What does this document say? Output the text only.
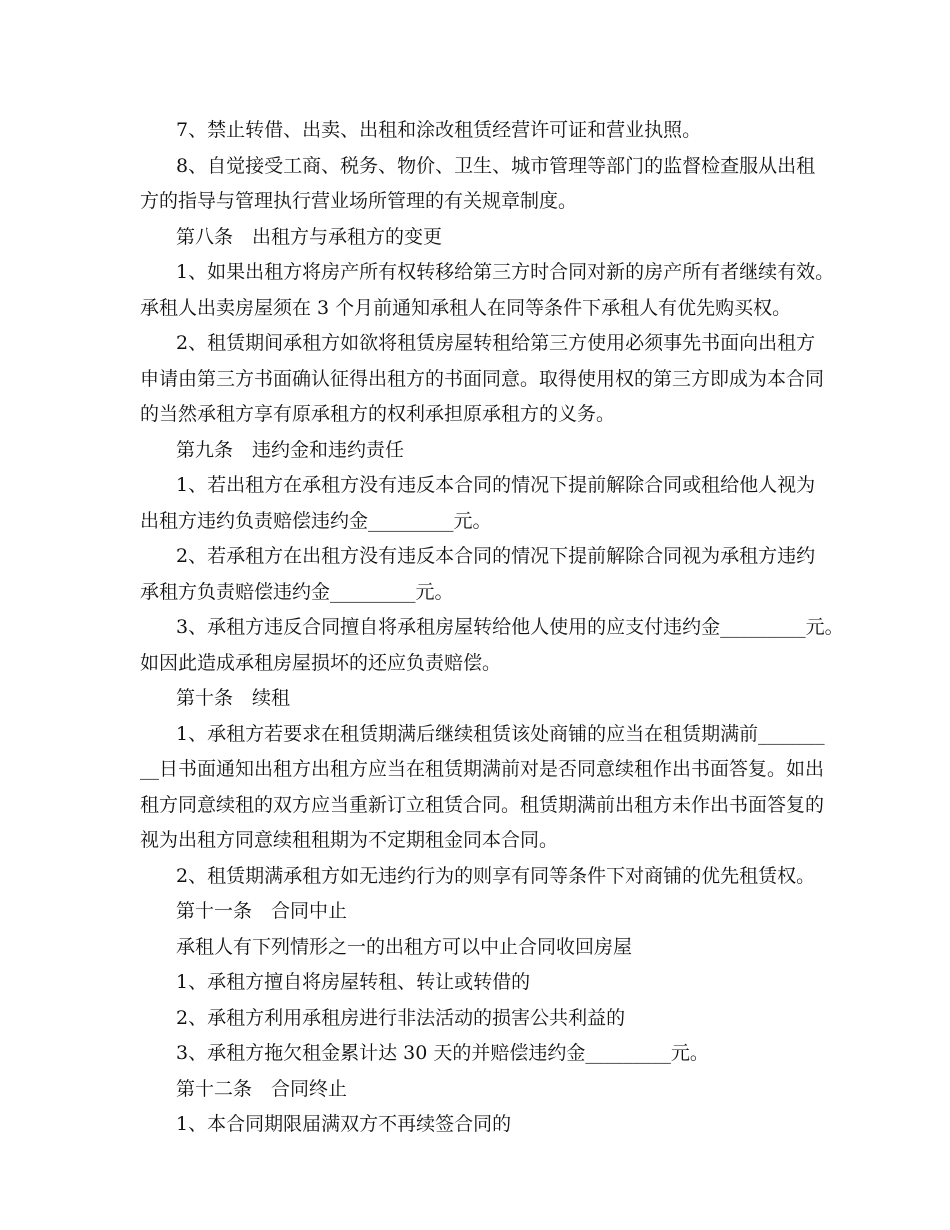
7、禁止转借、出卖、出租和涂改租赁经营许可证和营业执照。

8、自觉接受工商、税务、物价、卫生、城市管理等部门的监督检查服从出租

方的指导与管理执行营业场所管理的有关规章制度。

第八条　出租方与承租方的变更

1、如果出租方将房产所有权转移给第三方时合同对新的房产所有者继续有效。

承租人出卖房屋须在 3 个月前通知承租人在同等条件下承租人有优先购买权。

2、租赁期间承租方如欲将租赁房屋转租给第三方使用必须事先书面向出租方

申请由第三方书面确认征得出租方的书面同意。取得使用权的第三方即成为本合同

的当然承租方享有原承租方的权利承担原承租方的义务。

第九条　违约金和违约责任

1、若出租方在承租方没有违反本合同的情况下提前解除合同或租给他人视为

出租方违约负责赔偿违约金_________元。

2、若承租方在出租方没有违反本合同的情况下提前解除合同视为承租方违约

承租方负责赔偿违约金_________元。

3、承租方违反合同擅自将承租房屋转给他人使用的应支付违约金_________元。

如因此造成承租房屋损坏的还应负责赔偿。

第十条　续租

1、承租方若要求在租赁期满后继续租赁该处商铺的应当在租赁期满前_______

__日书面通知出租方出租方应当在租赁期满前对是否同意续租作出书面答复。如出

租方同意续租的双方应当重新订立租赁合同。租赁期满前出租方未作出书面答复的

视为出租方同意续租租期为不定期租金同本合同。

2、租赁期满承租方如无违约行为的则享有同等条件下对商铺的优先租赁权。

第十一条　合同中止

承租人有下列情形之一的出租方可以中止合同收回房屋

1、承租方擅自将房屋转租、转让或转借的

2、承租方利用承租房进行非法活动的损害公共利益的

3、承租方拖欠租金累计达 30 天的并赔偿违约金_________元。

第十二条　合同终止

1、本合同期限届满双方不再续签合同的
